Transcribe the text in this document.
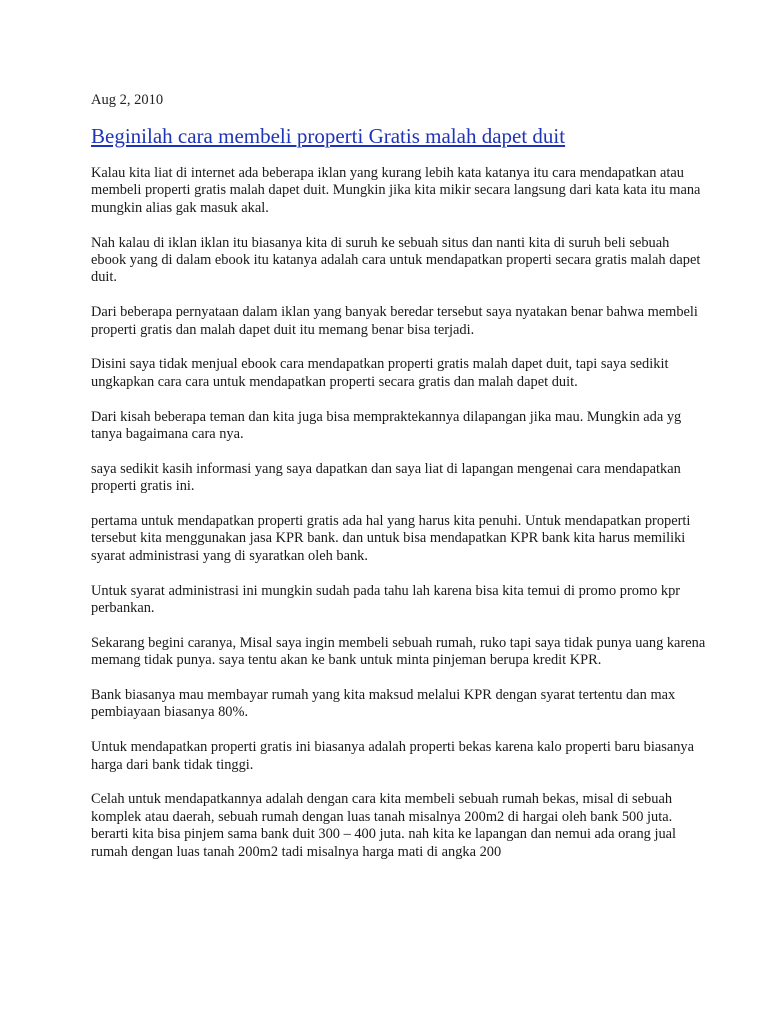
Aug 2, 2010
Beginilah cara membeli properti Gratis malah dapet duit

Kalau kita liat di internet ada beberapa iklan yang kurang lebih kata katanya itu cara mendapatkan atau membeli properti gratis malah dapet duit. Mungkin jika kita mikir secara langsung dari kata kata itu mana mungkin alias gak masuk akal.

Nah kalau di iklan iklan itu biasanya kita di suruh ke sebuah situs dan nanti kita di suruh beli sebuah ebook yang di dalam ebook itu katanya adalah cara untuk mendapatkan properti secara gratis malah dapet duit.

Dari beberapa pernyataan dalam iklan yang banyak beredar tersebut saya nyatakan benar bahwa membeli properti gratis dan malah dapet duit itu memang benar bisa terjadi.

Disini saya tidak menjual ebook cara mendapatkan properti gratis malah dapet duit, tapi saya sedikit ungkapkan cara cara untuk mendapatkan properti secara gratis dan malah dapet duit.

Dari kisah beberapa teman dan kita juga bisa mempraktekannya dilapangan jika mau. Mungkin ada yg tanya bagaimana cara nya.

saya sedikit kasih informasi yang saya dapatkan dan saya liat di lapangan mengenai cara mendapatkan properti gratis ini.

pertama untuk mendapatkan properti gratis ada hal yang harus kita penuhi. Untuk mendapatkan properti tersebut kita menggunakan jasa KPR bank. dan untuk bisa mendapatkan KPR bank kita harus memiliki syarat administrasi yang di syaratkan oleh bank.

Untuk syarat administrasi ini mungkin sudah pada tahu lah karena bisa kita temui di promo promo kpr perbankan.

Sekarang begini caranya, Misal saya ingin membeli sebuah rumah, ruko tapi saya tidak punya uang karena memang tidak punya. saya tentu akan ke bank untuk minta pinjeman berupa kredit KPR.

Bank biasanya mau membayar rumah yang kita maksud melalui KPR dengan syarat tertentu dan max pembiayaan biasanya 80%.

Untuk mendapatkan properti gratis ini biasanya adalah properti bekas karena kalo properti baru biasanya harga dari bank tidak tinggi.

Celah untuk mendapatkannya adalah dengan cara kita membeli sebuah rumah bekas, misal di sebuah komplek atau daerah, sebuah rumah dengan luas tanah misalnya 200m2 di hargai oleh bank 500 juta. berarti kita bisa pinjem sama bank duit 300 – 400 juta. nah kita ke lapangan dan nemui ada orang jual rumah dengan luas tanah 200m2 tadi misalnya harga mati di angka 200
